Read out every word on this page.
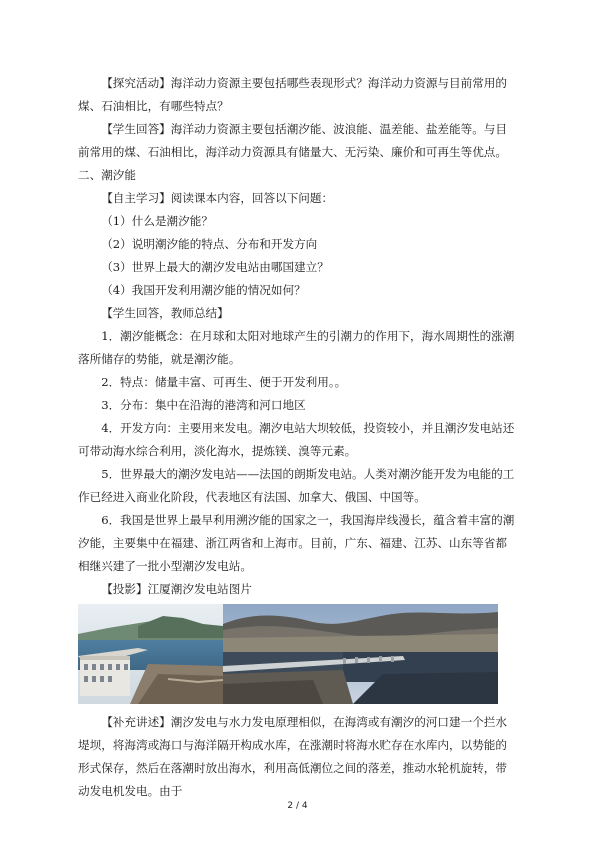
【探究活动】海洋动力资源主要包括哪些表现形式？海洋动力资源与目前常用的煤、石油相比，有哪些特点？

【学生回答】海洋动力资源主要包括潮汐能、波浪能、温差能、盐差能等。与目前常用的煤、石油相比，海洋动力资源具有储量大、无污染、廉价和可再生等优点。

二、潮汐能

【自主学习】阅读课本内容，回答以下问题：

（1）什么是潮汐能？

（2）说明潮汐能的特点、分布和开发方向

（3）世界上最大的潮汐发电站由哪国建立？

（4）我国开发利用潮汐能的情况如何？

【学生回答，教师总结】

1．潮汐能概念：在月球和太阳对地球产生的引潮力的作用下，海水周期性的涨潮落所储存的势能，就是潮汐能。

2．特点：储量丰富、可再生、便于开发利用。。

3．分布：集中在沿海的港湾和河口地区

4．开发方向：主要用来发电。潮汐电站大坝较低，投资较小，并且潮汐发电站还可带动海水综合利用，淡化海水，提炼镁、溴等元素。

5．世界最大的潮汐发电站——法国的朗斯发电站。人类对潮汐能开发为电能的工作已经进入商业化阶段，代表地区有法国、加拿大、俄国、中国等。

6．我国是世界上最早利用溯汐能的国家之一，我国海岸线漫长，蕴含着丰富的潮汐能，主要集中在福建、浙江两省和上海市。目前，广东、福建、江苏、山东等省都相继兴建了一批小型潮汐发电站。

【投影】江厦潮汐发电站图片

【补充讲述】潮汐发电与水力发电原理相似，在海湾或有潮汐的河口建一个拦水堤坝，将海湾或海口与海洋隔开构成水库，在涨潮时将海水贮存在水库内，以势能的形式保存，然后在落潮时放出海水，利用高低潮位之间的落差，推动水轮机旋转，带动发电机发电。由于

2 / 4
